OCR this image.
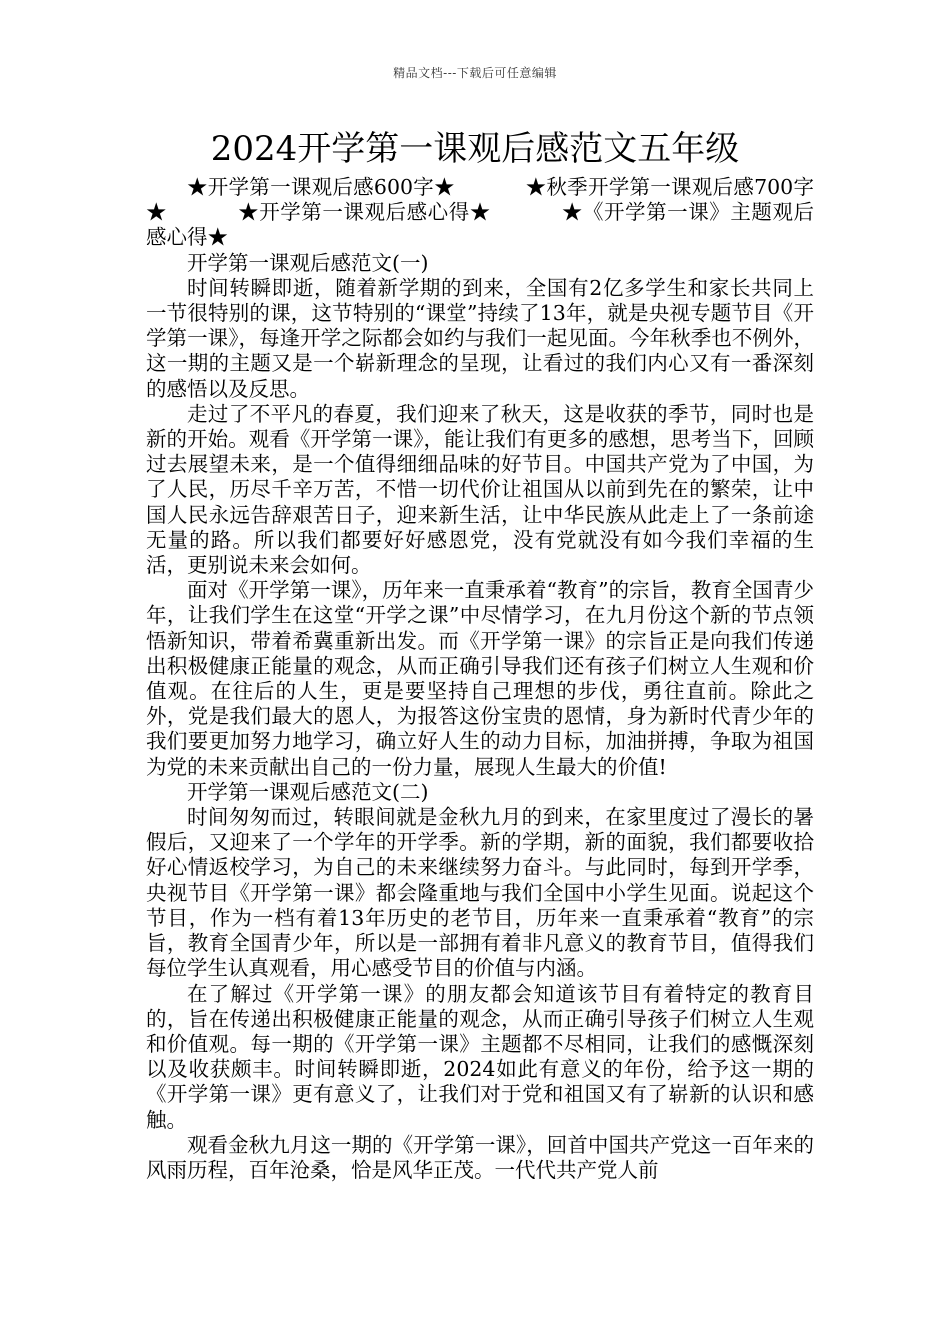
精品文档---下载后可任意编辑
2024开学第一课观后感范文五年级

★开学第一课观后感600字★	★秋季开学第一课观后感700字★	★开学第一课观后感心得★	★《开学第一课》主题观后感心得★

开学第一课观后感范文(一)

时间转瞬即逝，随着新学期的到来，全国有2亿多学生和家长共同上一节很特别的课，这节特别的“课堂”持续了13年，就是央视专题节目《开学第一课》，每逢开学之际都会如约与我们一起见面。今年秋季也不例外，这一期的主题又是一个崭新理念的呈现，让看过的我们内心又有一番深刻的感悟以及反思。

走过了不平凡的春夏，我们迎来了秋天，这是收获的季节，同时也是新的开始。观看《开学第一课》，能让我们有更多的感想，思考当下，回顾过去展望未来，是一个值得细细品味的好节目。中国共产党为了中国，为了人民，历尽千辛万苦，不惜一切代价让祖国从以前到先在的繁荣，让中国人民永远告辞艰苦日子，迎来新生活，让中华民族从此走上了一条前途无量的路。所以我们都要好好感恩党，没有党就没有如今我们幸福的生活，更别说未来会如何。

面对《开学第一课》，历年来一直秉承着“教育”的宗旨，教育全国青少年，让我们学生在这堂“开学之课”中尽情学习，在九月份这个新的节点领悟新知识，带着希冀重新出发。而《开学第一课》的宗旨正是向我们传递出积极健康正能量的观念，从而正确引导我们还有孩子们树立人生观和价值观。在往后的人生，更是要坚持自己理想的步伐，勇往直前。除此之外，党是我们最大的恩人，为报答这份宝贵的恩情，身为新时代青少年的我们要更加努力地学习，确立好人生的动力目标，加油拼搏，争取为祖国为党的未来贡献出自己的一份力量，展现人生最大的价值!

开学第一课观后感范文(二)

时间匆匆而过，转眼间就是金秋九月的到来，在家里度过了漫长的暑假后，又迎来了一个学年的开学季。新的学期，新的面貌，我们都要收拾好心情返校学习，为自己的未来继续努力奋斗。与此同时，每到开学季，央视节目《开学第一课》都会隆重地与我们全国中小学生见面。说起这个节目，作为一档有着13年历史的老节目，历年来一直秉承着“教育”的宗旨，教育全国青少年，所以是一部拥有着非凡意义的教育节目，值得我们每位学生认真观看，用心感受节目的价值与内涵。

在了解过《开学第一课》的朋友都会知道该节目有着特定的教育目的，旨在传递出积极健康正能量的观念，从而正确引导孩子们树立人生观和价值观。每一期的《开学第一课》主题都不尽相同，让我们的感慨深刻以及收获颇丰。时间转瞬即逝，2024如此有意义的年份，给予这一期的《开学第一课》更有意义了，让我们对于党和祖国又有了崭新的认识和感触。

观看金秋九月这一期的《开学第一课》，回首中国共产党这一百年来的风雨历程，百年沧桑，恰是风华正茂。一代代共产党人前
